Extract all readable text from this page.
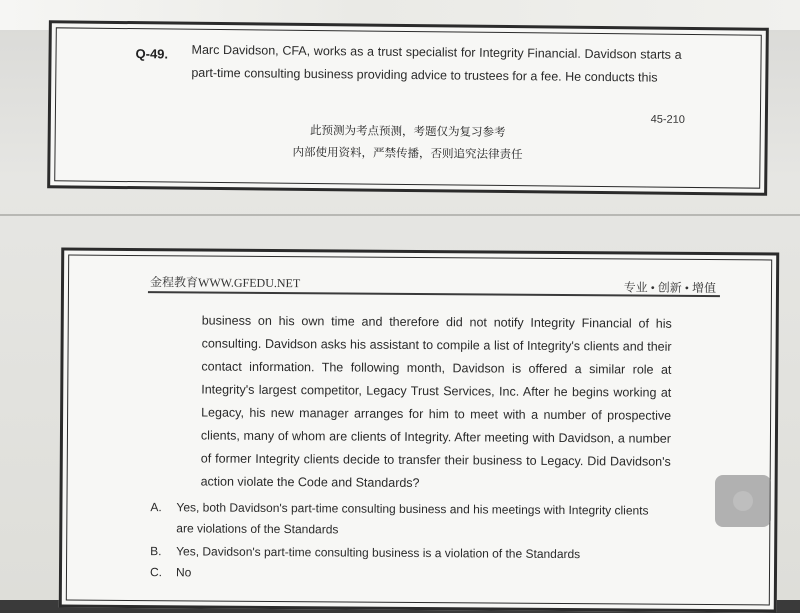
Q-49. Marc Davidson, CFA, works as a trust specialist for Integrity Financial. Davidson starts a part-time consulting business providing advice to trustees for a fee. He conducts this
45-210
此预测为考点预测，考题仅为复习参考
内部使用资料，严禁传播，否则追究法律责任
金程教育WWW.GFEDU.NET	专业 • 创新 • 增值
business on his own time and therefore did not notify Integrity Financial of his consulting. Davidson asks his assistant to compile a list of Integrity's clients and their contact information. The following month, Davidson is offered a similar role at Integrity's largest competitor, Legacy Trust Services, Inc. After he begins working at Legacy, his new manager arranges for him to meet with a number of prospective clients, many of whom are clients of Integrity. After meeting with Davidson, a number of former Integrity clients decide to transfer their business to Legacy. Did Davidson's action violate the Code and Standards?
A. Yes, both Davidson's part-time consulting business and his meetings with Integrity clients are violations of the Standards
B. Yes, Davidson's part-time consulting business is a violation of the Standards
C. No
